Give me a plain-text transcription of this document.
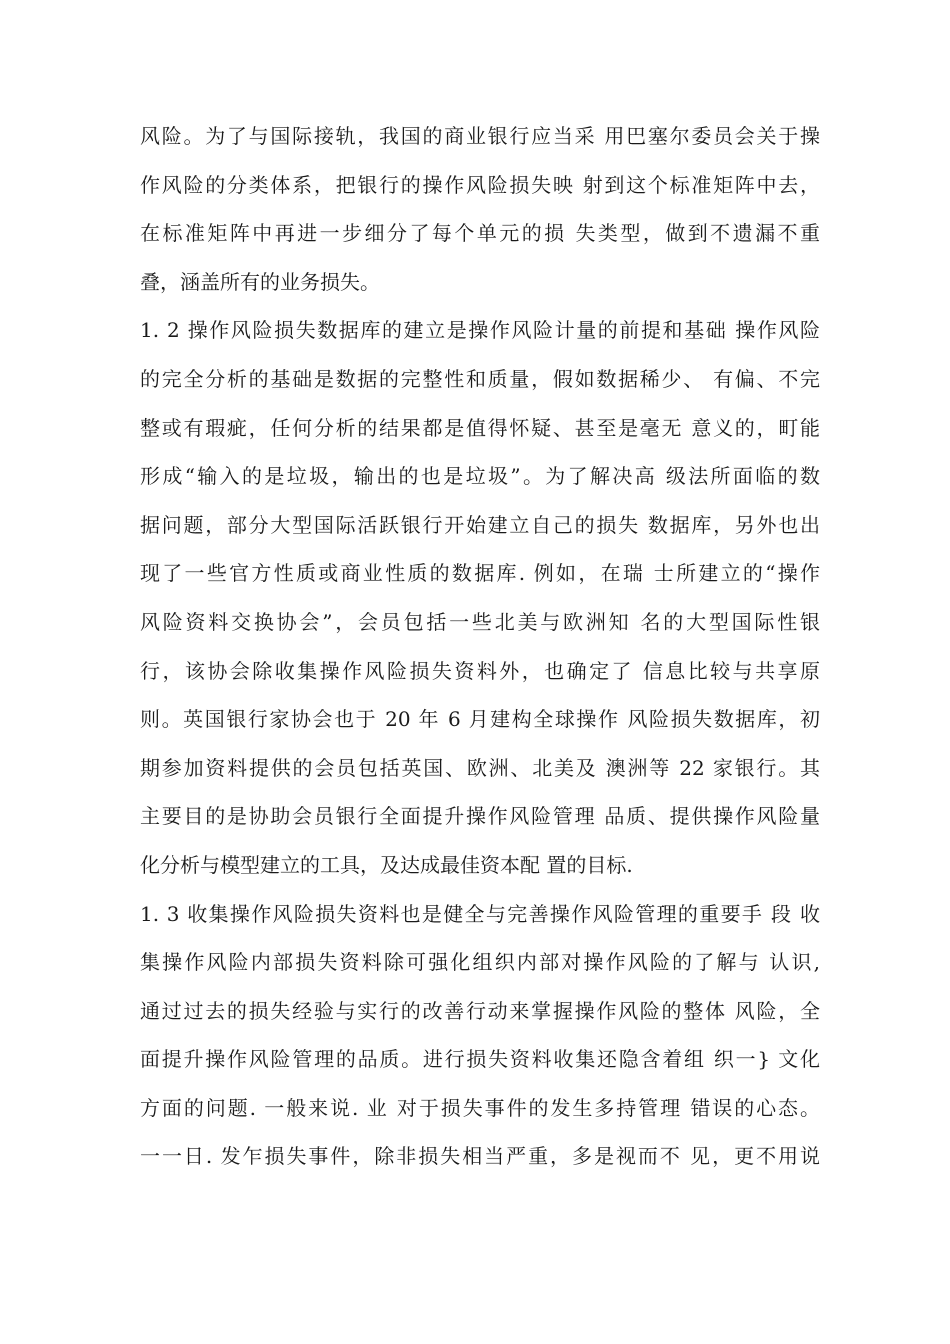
风险。为了与国际接轨，我国的商业银行应当采 用巴塞尔委员会关于操
作风险的分类体系，把银行的操作风险损失映 射到这个标准矩阵中去，
在标准矩阵中再进一步细分了每个单元的损 失类型，做到不遗漏不重
叠，涵盖所有的业务损失。
1. 2 操作风险损失数据库的建立是操作风险计量的前提和基础 操作风险
的完全分析的基础是数据的完整性和质量，假如数据稀少、 有偏、不完
整或有瑕疵，任何分析的结果都是值得怀疑、甚至是毫无 意义的，町能
形成“输入的是垃圾，输出的也是垃圾”。为了解决高 级法所面临的数
据问题，部分大型国际活跃银行开始建立自己的损失 数据库，另外也出
现了一些官方性质或商业性质的数据库. 例如，在瑞 士所建立的“操作
风险资料交换协会”，会员包括一些北美与欧洲知 名的大型国际性银
行，该协会除收集操作风险损失资料外，也确定了 信息比较与共享原
则。英国银行家协会也于 20 年 6 月建构全球操作 风险损失数据库，初
期参加资料提供的会员包括英国、欧洲、北美及 澳洲等 22 家银行。其
主要目的是协助会员银行全面提升操作风险管理 品质、提供操作风险量
化分析与模型建立的工具，及达成最佳资本配 置的目标.
1. 3 收集操作风险损失资料也是健全与完善操作风险管理的重要手 段 收
集操作风险内部损失资料除可强化组织内部对操作风险的了解与 认识,
通过过去的损失经验与实行的改善行动来掌握操作风险的整体 风险，全
面提升操作风险管理的品质。进行损失资料收集还隐含着组 织一} 文化
方面的问题. 一般来说. 业 对于损失事件的发生多持管理 错误的心态。
一一日. 发乍损失事件，除非损失相当严重，多是视而不 见，更不用说
